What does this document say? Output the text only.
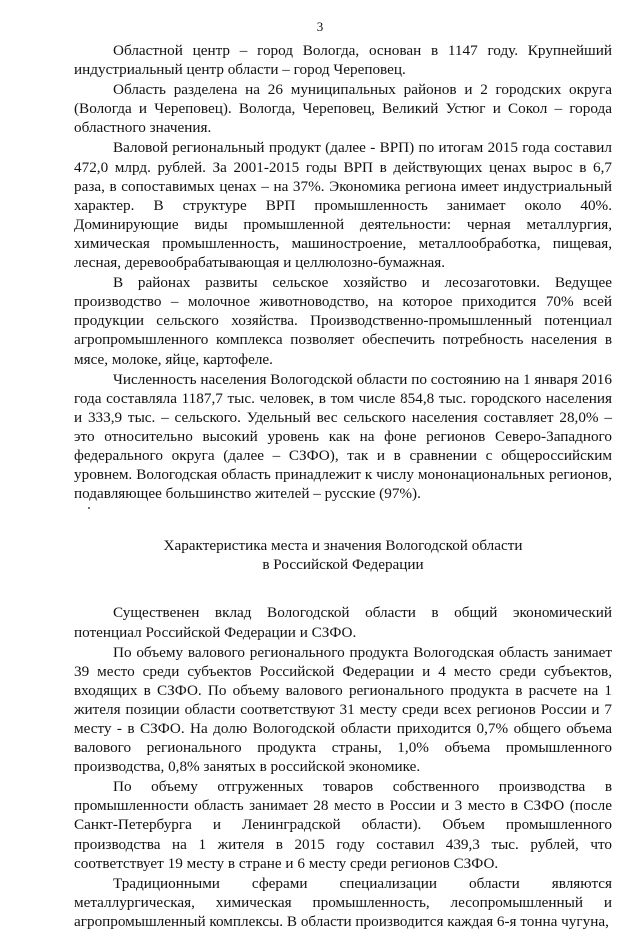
3

Областной центр – город Вологда, основан в 1147 году. Крупнейший индустриальный центр области – город Череповец.

Область разделена на 26 муниципальных районов и 2 городских округа (Вологда и Череповец). Вологда, Череповец, Великий Устюг и Сокол – города областного значения.

Валовой региональный продукт (далее - ВРП) по итогам 2015 года составил 472,0 млрд. рублей. За 2001-2015 годы ВРП в действующих ценах вырос в 6,7 раза, в сопоставимых ценах – на 37%. Экономика региона имеет индустриальный характер. В структуре ВРП промышленность занимает около 40%. Доминирующие виды промышленной деятельности: черная металлургия, химическая промышленность, машиностроение, металлообработка, пищевая, лесная, деревообрабатывающая и целлюлозно-бумажная.

В районах развиты сельское хозяйство и лесозаготовки. Ведущее производство – молочное животноводство, на которое приходится 70% всей продукции сельского хозяйства. Производственно-промышленный потенциал агропромышленного комплекса позволяет обеспечить потребность населения в мясе, молоке, яйце, картофеле.

Численность населения Вологодской области по состоянию на 1 января 2016 года составляла 1187,7 тыс. человек, в том числе 854,8 тыс. городского населения и 333,9 тыс. – сельского. Удельный вес сельского населения составляет 28,0% – это относительно высокий уровень как на фоне регионов Северо-Западного федерального округа (далее – СЗФО), так и в сравнении с общероссийским уровнем. Вологодская область принадлежит к числу мононациональных регионов, подавляющее большинство жителей – русские (97%).

Характеристика места и значения Вологодской области
в Российской Федерации

Существенен вклад Вологодской области в общий экономический потенциал Российской Федерации и СЗФО.

По объему валового регионального продукта Вологодская область занимает 39 место среди субъектов Российской Федерации и 4 место среди субъектов, входящих в СЗФО. По объему валового регионального продукта в расчете на 1 жителя позиции области соответствуют 31 месту среди всех регионов России и 7 месту - в СЗФО. На долю Вологодской области приходится 0,7% общего объема валового регионального продукта страны, 1,0% объема промышленного производства, 0,8% занятых в российской экономике.

По объему отгруженных товаров собственного производства в промышленности область занимает 28 место в России и 3 место в СЗФО (после Санкт-Петербурга и Ленинградской области). Объем промышленного производства на 1 жителя в 2015 году составил 439,3 тыс. рублей, что соответствует 19 месту в стране и 6 месту среди регионов СЗФО.

Традиционными сферами специализации области являются металлургическая, химическая промышленность, лесопромышленный и агропромышленный комплексы. В области производится каждая 6-я тонна чугуна,
